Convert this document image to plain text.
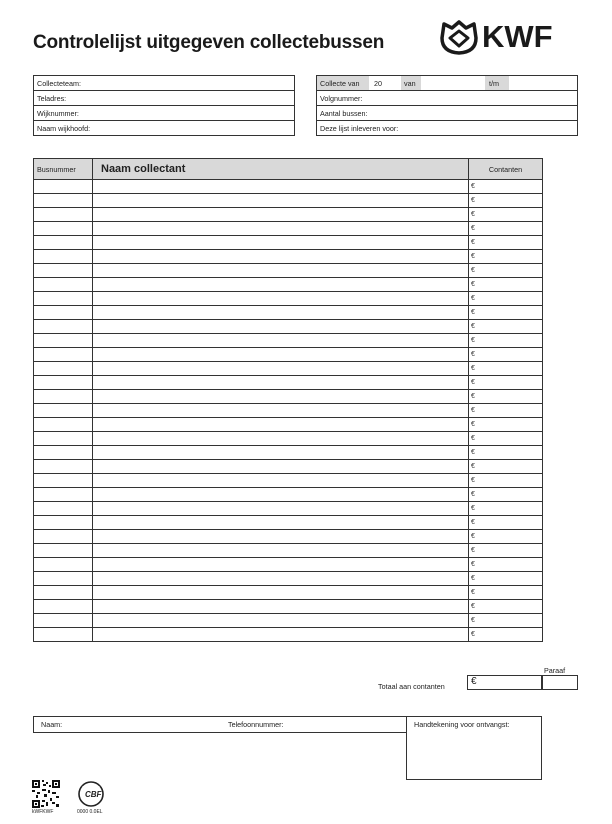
Controlelijst uitgegeven collectebussen	KWF
Collecteteam:
Teladres:
Wijknummer:
Naam wijkhoofd:
Collecte van	20	van	t/m
Volgnummer:
Aantal bussen:
Deze lijst inleveren voor:
Busnummer	Naam collectant	Contanten
		€
		€
		€
		€
		€
		€
		€
		€
		€
		€
		€
		€
		€
		€
		€
		€
		€
		€
		€
		€
		€
		€
		€
		€
		€
		€
		€
		€
		€
		€
		€
		€
		€
Paraaf
Totaal aan contanten	€
Naam:	Telefoonnummer:	Handtekening voor ontvangst:
kWFKWF
CBF
0000 0.0EL
